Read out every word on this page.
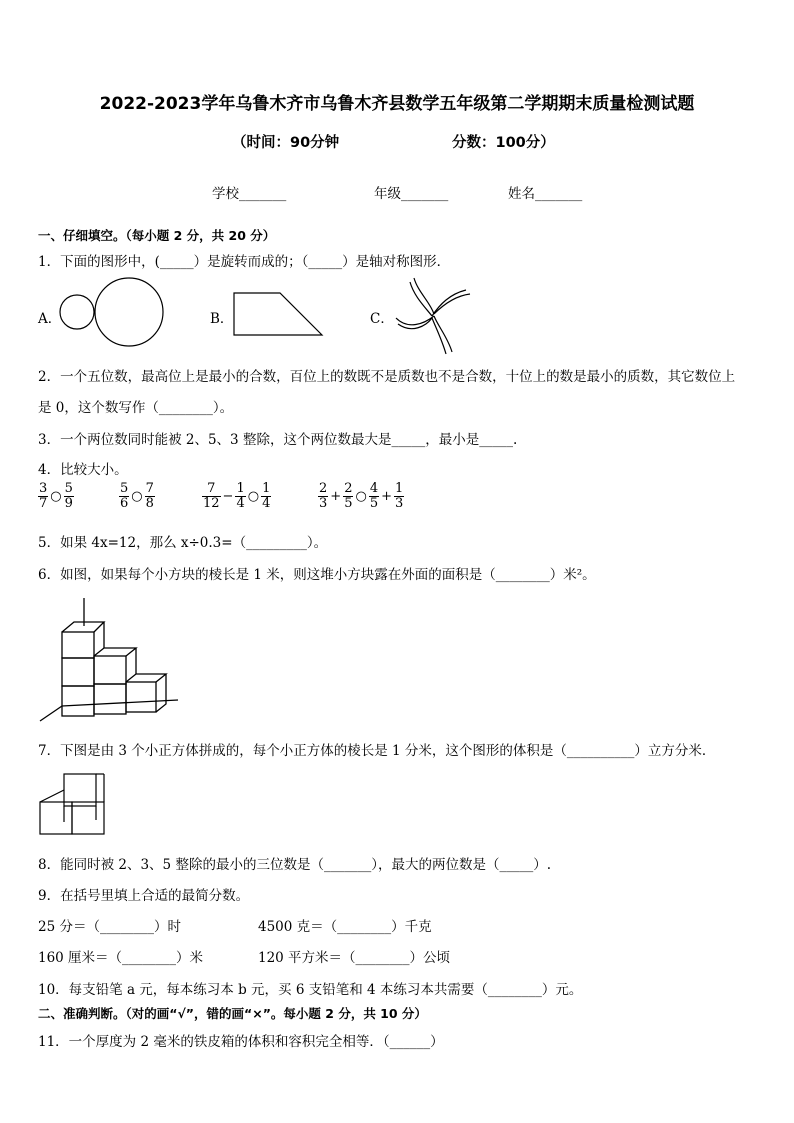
2022-2023学年乌鲁木齐市乌鲁木齐县数学五年级第二学期期末质量检测试题
（时间：90分钟	分数：100分）
学校_______	年级_______	姓名_______
一、仔细填空。（每小题 2 分，共 20 分）
1．下面的图形中，(_____）是旋转而成的；（_____）是轴对称图形．
A．	B．	C．
2．一个五位数，最高位上是最小的合数，百位上的数既不是质数也不是合数，十位上的数是最小的质数，其它数位上
是 0，这个数写作（________）。
3．一个两位数同时能被 2、5、3 整除，这个两位数最大是_____，最小是_____.
4．比较大小。
$\frac{3}{7}$ ○ $\frac{5}{9}$	$\frac{5}{6}$ ○ $\frac{7}{8}$	$\frac{7}{12} - \frac{1}{4}$ ○ $\frac{1}{4}$	$\frac{2}{3} + \frac{2}{5}$ ○ $\frac{4}{5} + \frac{1}{3}$
5．如果 4x=12，那么 x÷0.3=（_________）。
6．如图，如果每个小方块的棱长是 1 米，则这堆小方块露在外面的面积是（________）米²。
7．下图是由 3 个小正方体拼成的，每个小正方体的棱长是 1 分米，这个图形的体积是（__________）立方分米．
8．能同时被 2、3、5 整除的最小的三位数是（_______），最大的两位数是（_____）.
9．在括号里填上合适的最简分数。
25 分＝（________）时	4500 克＝（________）千克
160 厘米＝（________）米	120 平方米＝（________）公顷
10．每支铅笔 a 元，每本练习本 b 元，买 6 支铅笔和 4 本练习本共需要（________）元。
二、准确判断。（对的画“√”，错的画“×”。每小题 2 分，共 10 分）
11．一个厚度为 2 毫米的铁皮箱的体积和容积完全相等．（______）
